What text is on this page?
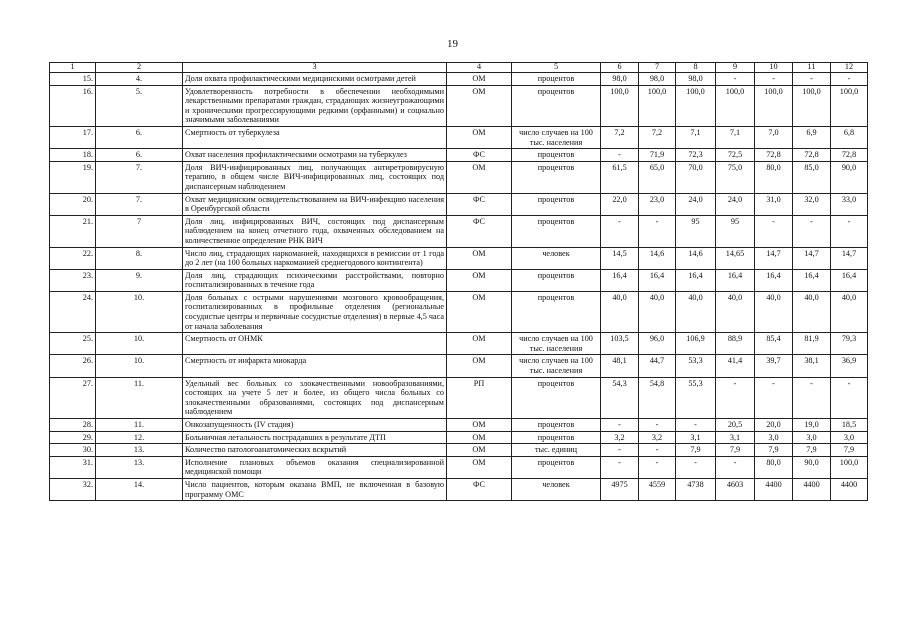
19
1	2	3	4	5	6	7	8	9	10	11	12
15.	4.	Доля охвата профилактическими медицинскими осмотрами детей	ОМ	процентов	98,0	98,0	98,0	-	-	-	-
16.	5.	Удовлетворенность потребности в обеспечении необходимыми лекарственными препаратами граждан, страдающих жизнеугрожающими и хроническими прогрессирующими редкими (орфанными) и социально значимыми заболеваниями	ОМ	процентов	100,0	100,0	100,0	100,0	100,0	100,0	100,0
17.	6.	Смертность от туберкулеза	ОМ	число случаев на 100 тыс. населения	7,2	7,2	7,1	7,1	7,0	6,9	6,8
18.	6.	Охват населения профилактическими осмотрами на туберкулез	ФС	процентов	-	71,9	72,3	72,5	72,8	72,8	72,8
19.	7.	Доля ВИЧ-инфицированных лиц, получающих антиретровирусную терапию, в общем числе ВИЧ-инфицированных лиц, состоящих под диспансерным наблюдением	ОМ	процентов	61,5	65,0	70,0	75,0	80,0	85,0	90,0
20.	7.	Охват медицинским освидетельствованием на ВИЧ-инфекцию населения в Оренбургской области	ФС	процентов	22,0	23,0	24,0	24,0	31,0	32,0	33,0
21.	7	Доля лиц, инфицированных ВИЧ, состоящих под диспансерным наблюдением на конец отчетного года, охваченных обследованием на количественное определение РНК ВИЧ	ФС	процентов	-	-	95	95	-	-	-
22.	8.	Число лиц, страдающих наркоманией, находящихся в ремиссии от 1 года до 2 лет (на 100 больных наркоманией среднегодового контингента)	ОМ	человек	14,5	14,6	14,6	14,65	14,7	14,7	14,7
23.	9.	Доля лиц, страдающих психическими расстройствами, повторно госпитализированных в течение года	ОМ	процентов	16,4	16,4	16,4	16,4	16,4	16,4	16,4
24.	10.	Доля больных с острыми нарушениями мозгового кровообращения, госпитализированных в профильные отделения (региональные сосудистые центры и первичные сосудистые отделения) в первые 4,5 часа от начала заболевания	ОМ	процентов	40,0	40,0	40,0	40,0	40,0	40,0	40,0
25.	10.	Смертность от ОНМК	ОМ	число случаев на 100 тыс. населения	103,5	96,0	106,9	88,9	85,4	81,9	79,3
26.	10.	Смертность от инфаркта миокарда	ОМ	число случаев на 100 тыс. населения	48,1	44,7	53,3	41,4	39,7	38,1	36,9
27.	11.	Удельный вес больных со злокачественными новообразованиями, состоящих на учете 5 лет и более, из общего числа больных со злокачественными образованиями, состоящих под диспансерным наблюдением	РП	процентов	54,3	54,8	55,3	-	-	-	-
28.	11.	Онкозапущенность (IV стадия)	ОМ	процентов	-	-	-	20,5	20,0	19,0	18,5
29.	12.	Больничная летальность пострадавших в результате ДТП	ОМ	процентов	3,2	3,2	3,1	3,1	3,0	3,0	3,0
30.	13.	Количество патологоанатомических вскрытий	ОМ	тыс. единиц	-	-	7,9	7,9	7,9	7,9	7,9
31.	13.	Исполнение плановых объемов оказания специализированной медицинской помощи	ОМ	процентов	-	-	-	-	80,0	90,0	100,0
32.	14.	Число пациентов, которым оказана ВМП, не включенная в базовую программу ОМС	ФС	человек	4975	4559	4738	4603	4400	4400	4400
